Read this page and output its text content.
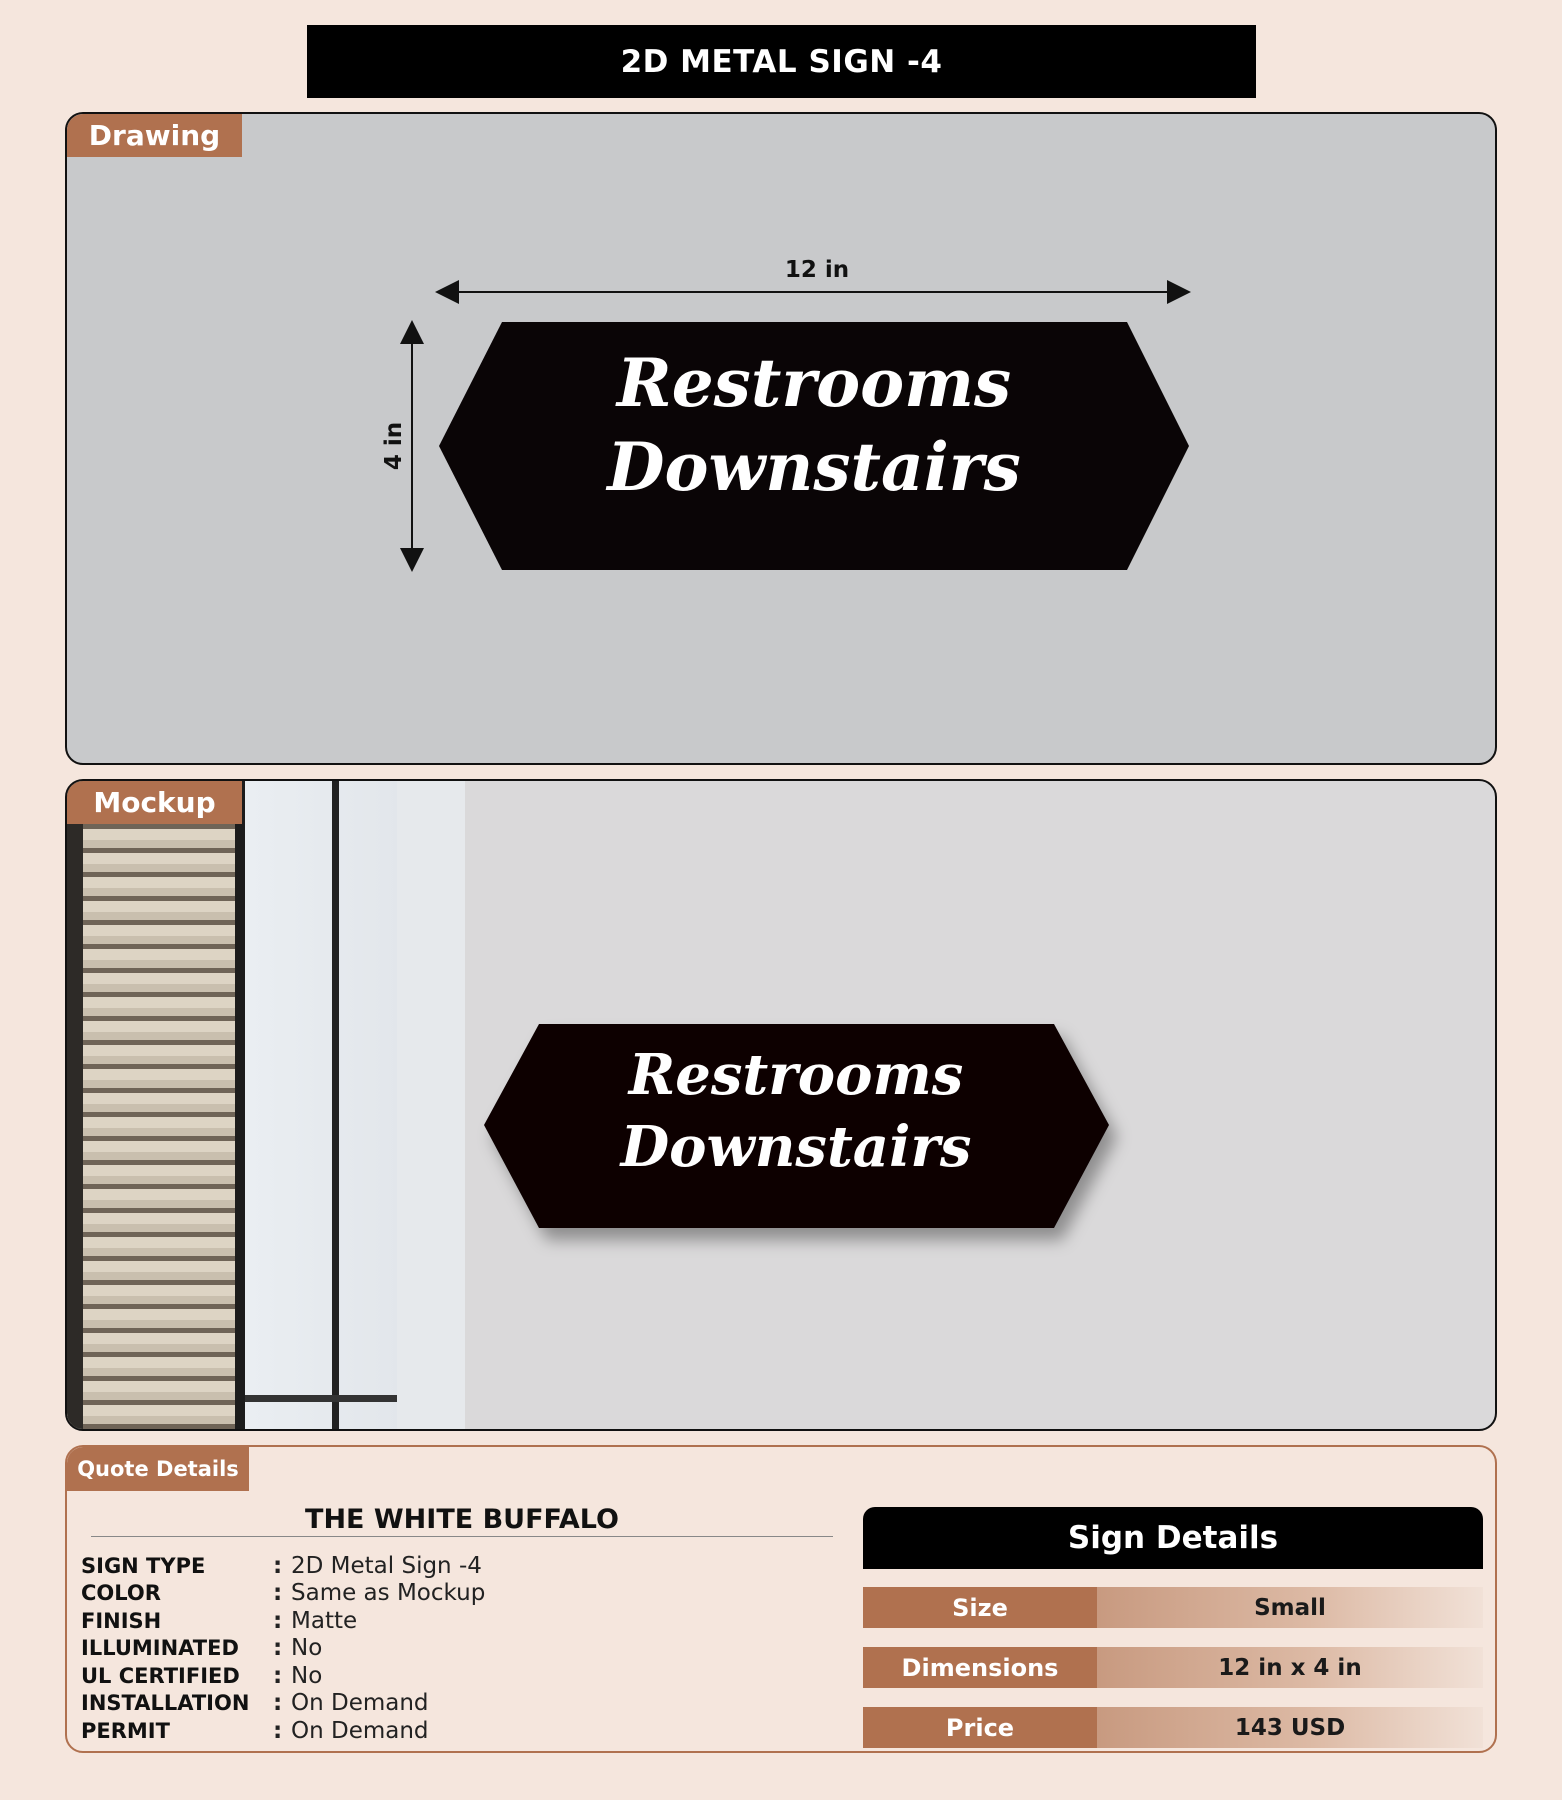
2D METAL SIGN -4
Drawing
12 in
4 in
Restrooms
Downstairs
Mockup
Restrooms
Downstairs
Quote Details
THE WHITE BUFFALO
SIGN TYPE	: 2D Metal Sign -4
COLOR	: Same as Mockup
FINISH	: Matte
ILLUMINATED	: No
UL CERTIFIED	: No
INSTALLATION	: On Demand
PERMIT	: On Demand
Sign Details
Size	Small
Dimensions	12 in x 4 in
Price	143 USD
